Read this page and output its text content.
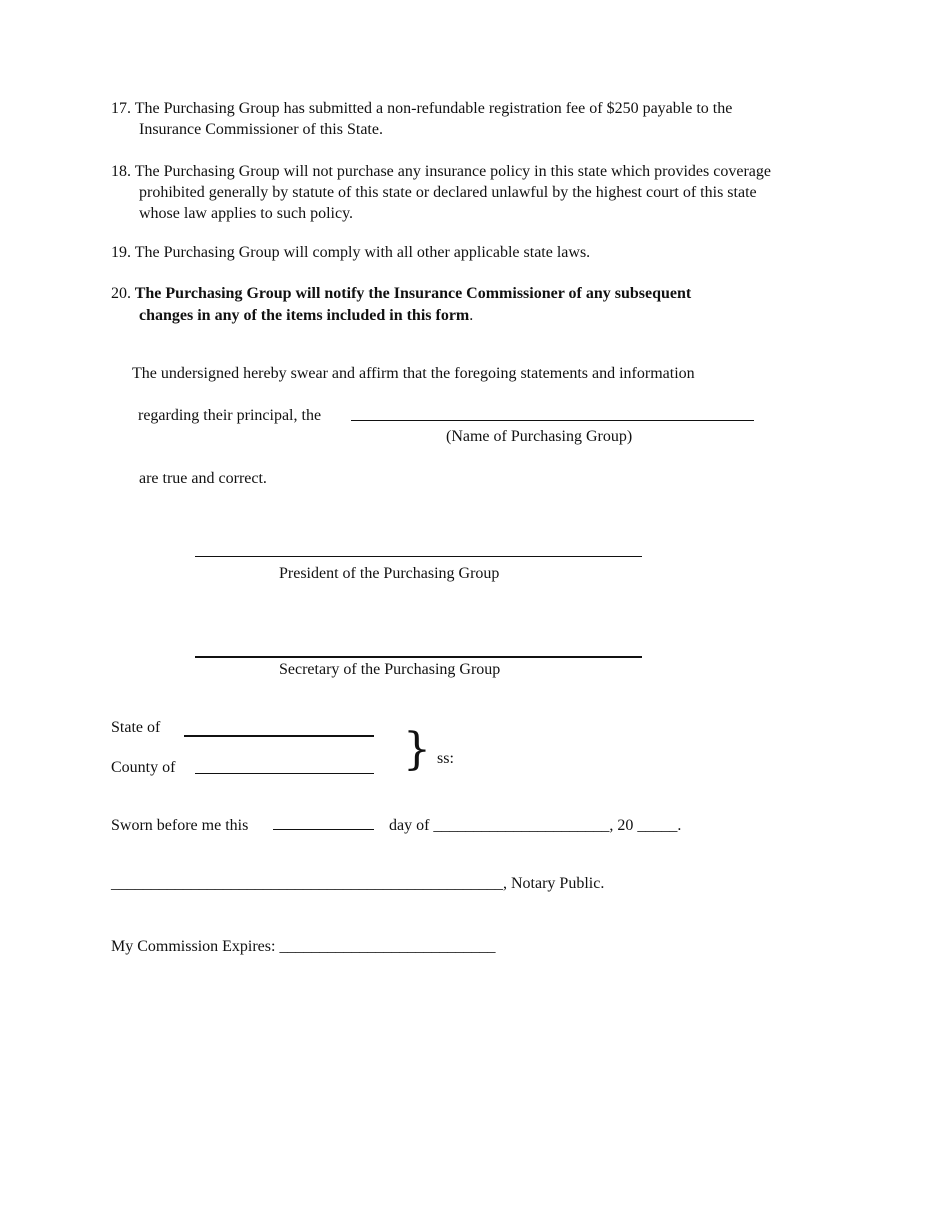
17. The Purchasing Group has submitted a non-refundable registration fee of $250 payable to the
Insurance Commissioner of this State.
18. The Purchasing Group will not purchase any insurance policy in this state which provides coverage
prohibited generally by statute of this state or declared unlawful by the highest court of this state
whose law applies to such policy.
19. The Purchasing Group will comply with all other applicable state laws.
20. The Purchasing Group will notify the Insurance Commissioner of any subsequent
changes in any of the items included in this form.
The undersigned hereby swear and affirm that the foregoing statements and information
regarding their principal, the
(Name of Purchasing Group)
are true and correct.
President of the Purchasing Group
Secretary of the Purchasing Group
State of
County of	} ss:
Sworn before me this	day of ______________________, 20 _____.
_________________________________________________, Notary Public.
My Commission Expires: ___________________________
